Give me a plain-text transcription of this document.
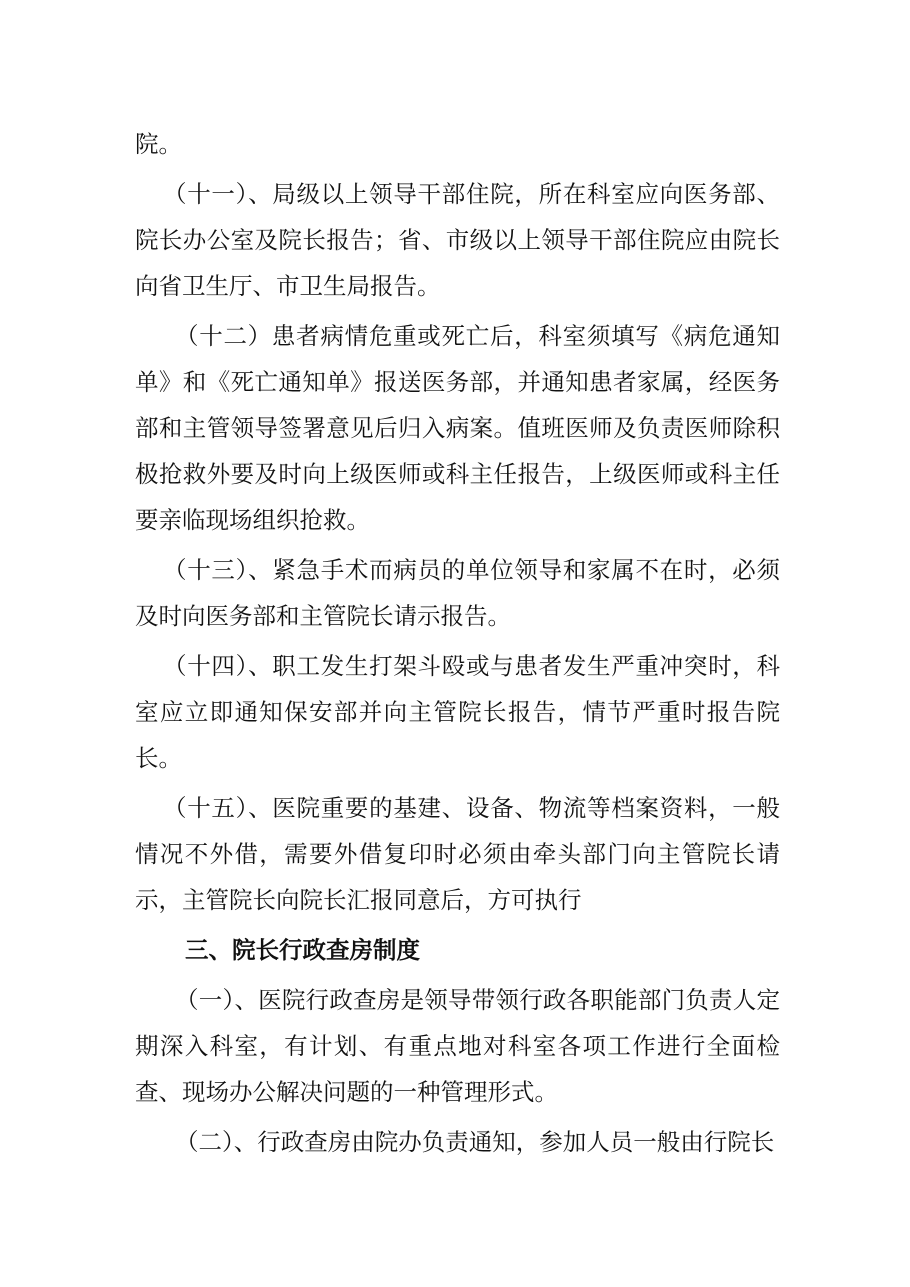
院。

（十一）、局级以上领导干部住院，所在科室应向医务部、院长办公室及院长报告；省、市级以上领导干部住院应由院长向省卫生厅、市卫生局报告。

（十二）患者病情危重或死亡后，科室须填写《病危通知单》和《死亡通知单》报送医务部，并通知患者家属，经医务部和主管领导签署意见后归入病案。值班医师及负责医师除积极抢救外要及时向上级医师或科主任报告，上级医师或科主任要亲临现场组织抢救。

（十三）、紧急手术而病员的单位领导和家属不在时，必须及时向医务部和主管院长请示报告。

（十四）、职工发生打架斗殴或与患者发生严重冲突时，科室应立即通知保安部并向主管院长报告，情节严重时报告院长。

（十五）、医院重要的基建、设备、物流等档案资料，一般情况不外借，需要外借复印时必须由牵头部门向主管院长请示，主管院长向院长汇报同意后，方可执行

三、院长行政查房制度

（一）、医院行政查房是领导带领行政各职能部门负责人定期深入科室，有计划、有重点地对科室各项工作进行全面检查、现场办公解决问题的一种管理形式。

（二）、行政查房由院办负责通知，参加人员一般由行院长
